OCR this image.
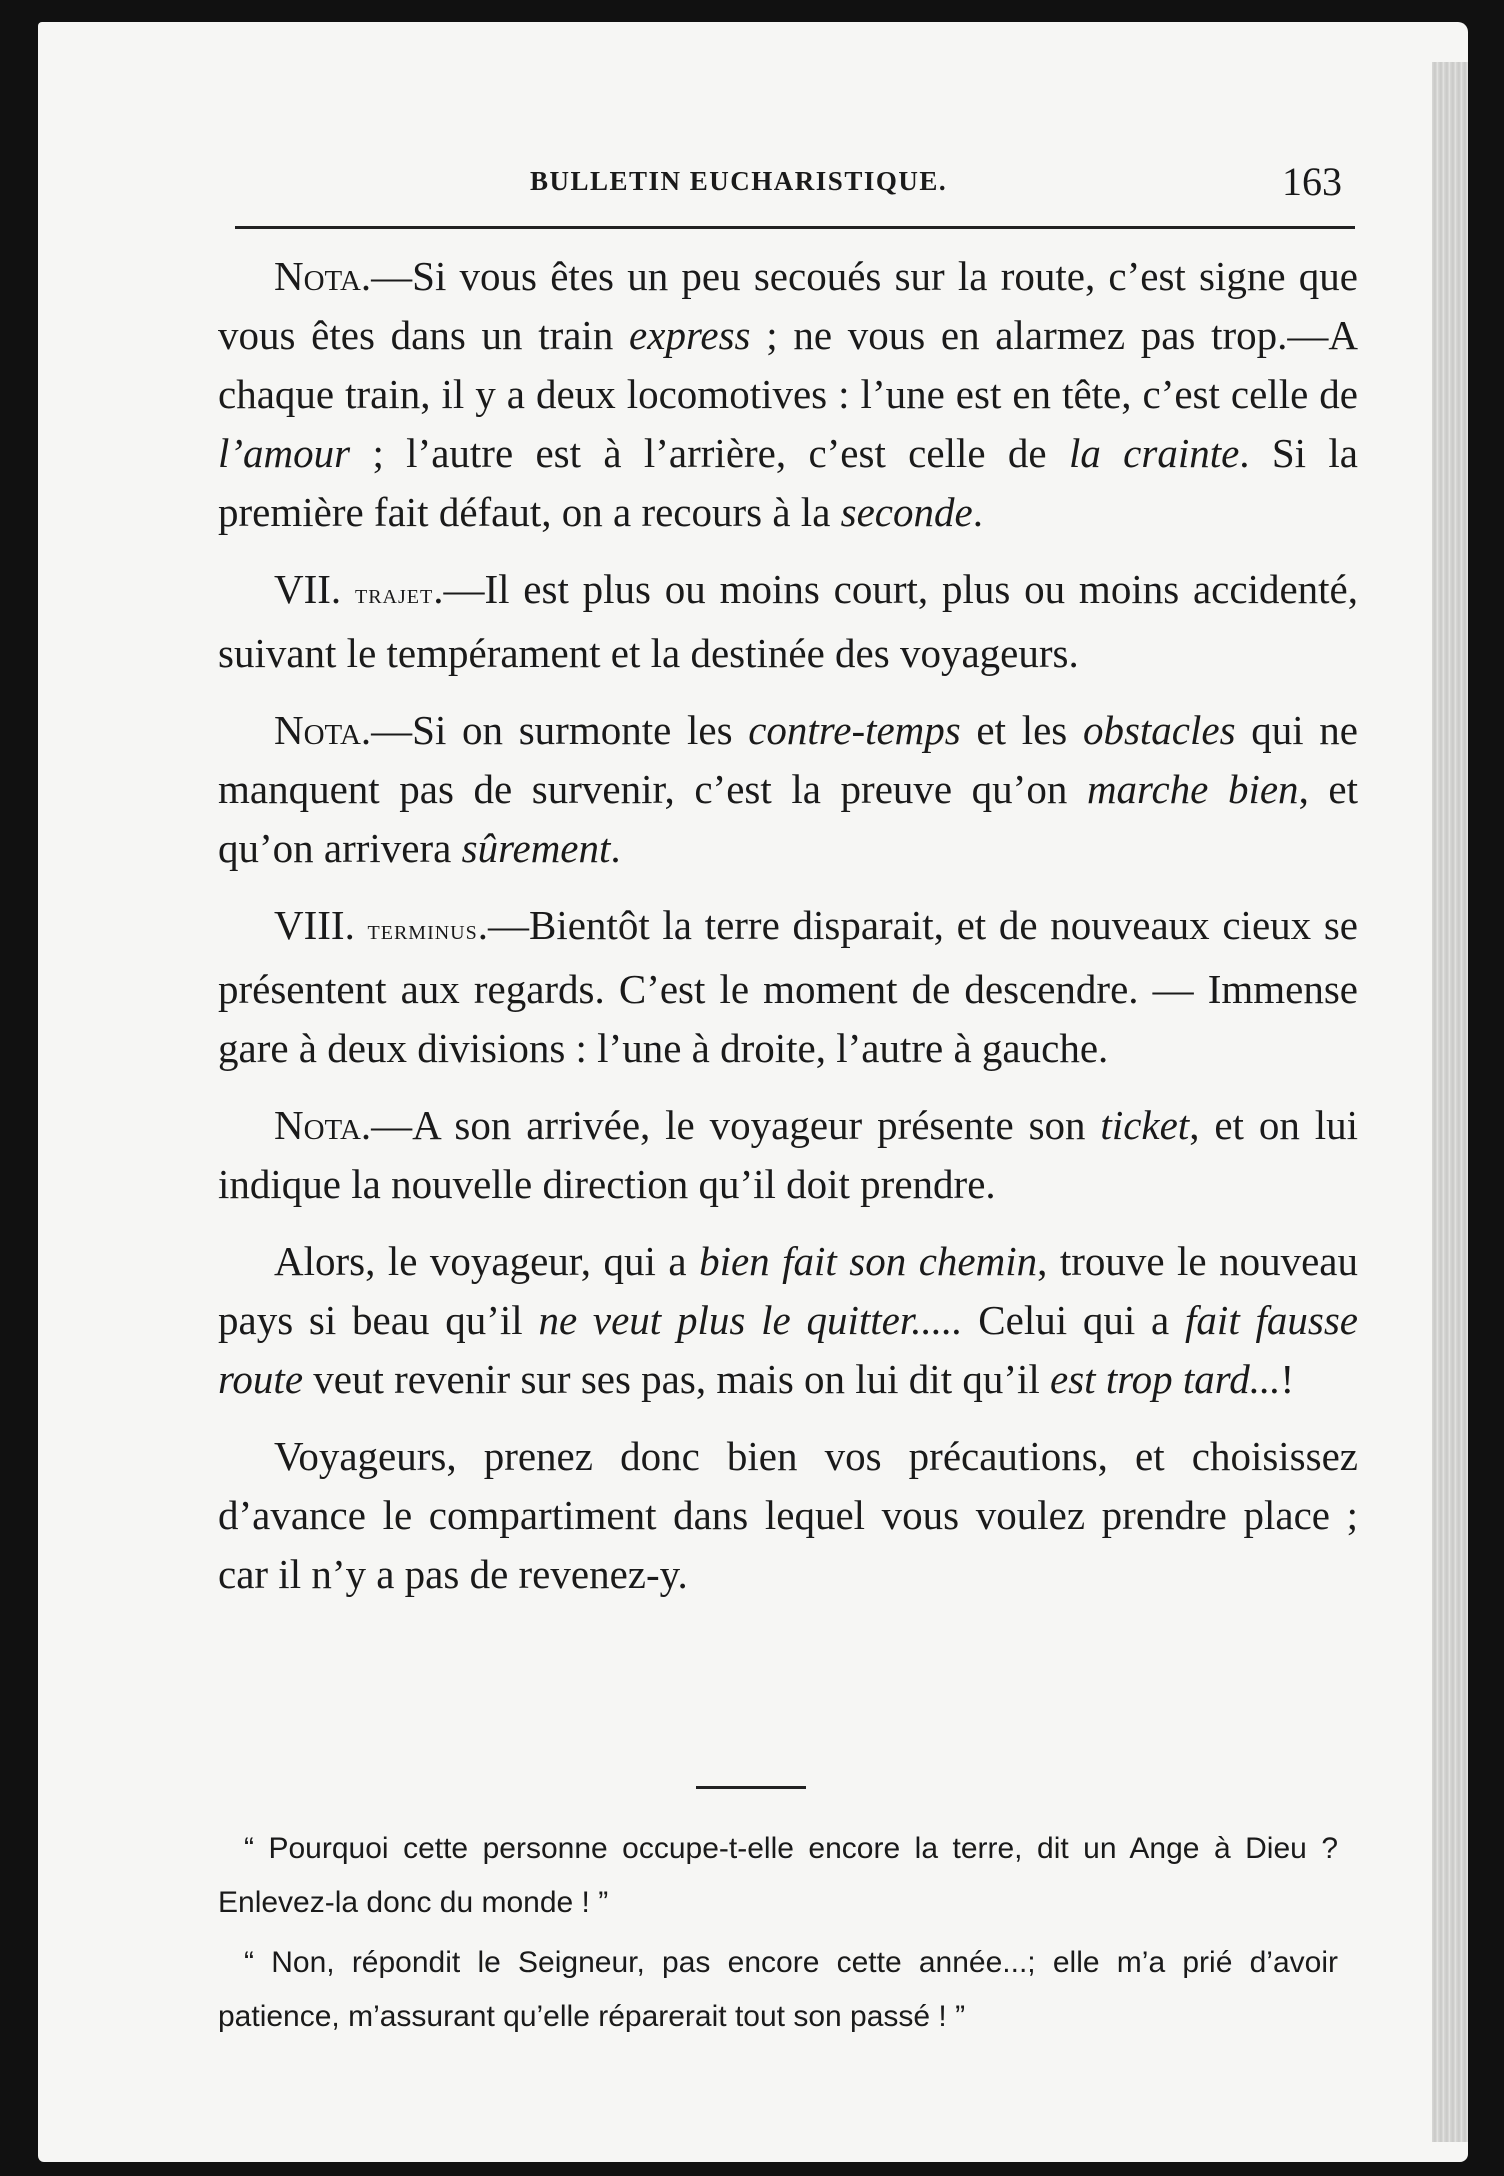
BULLETIN EUCHARISTIQUE.	163

Nota.—Si vous êtes un peu secoués sur la route, c’est signe que vous êtes dans un train express ; ne vous en alarmez pas trop.—A chaque train, il y a deux locomotives : l’une est en tête, c’est celle de l’amour ; l’autre est à l’arrière, c’est celle de la crainte. Si la première fait défaut, on a recours à la seconde.

VII. trajet.—Il est plus ou moins court, plus ou moins accidenté, suivant le tempérament et la destinée des voyageurs.

Nota.—Si on surmonte les contre-temps et les obstacles qui ne manquent pas de survenir, c’est la preuve qu’on marche bien, et qu’on arrivera sûrement.

VIII. terminus.—Bientôt la terre disparait, et de nouveaux cieux se présentent aux regards. C’est le moment de descendre. — Immense gare à deux divisions : l’une à droite, l’autre à gauche.

Nota.—A son arrivée, le voyageur présente son ticket, et on lui indique la nouvelle direction qu’il doit prendre.

Alors, le voyageur, qui a bien fait son chemin, trouve le nouveau pays si beau qu’il ne veut plus le quitter..... Celui qui a fait fausse route veut revenir sur ses pas, mais on lui dit qu’il est trop tard...!

Voyageurs, prenez donc bien vos précautions, et choisissez d’avance le compartiment dans lequel vous voulez prendre place ; car il n’y a pas de revenez-y.

“ Pourquoi cette personne occupe-t-elle encore la terre, dit un Ange à Dieu ? Enlevez-la donc du monde ! ”

“ Non, répondit le Seigneur, pas encore cette année...; elle m’a prié d’avoir patience, m’assurant qu’elle réparerait tout son passé ! ”
